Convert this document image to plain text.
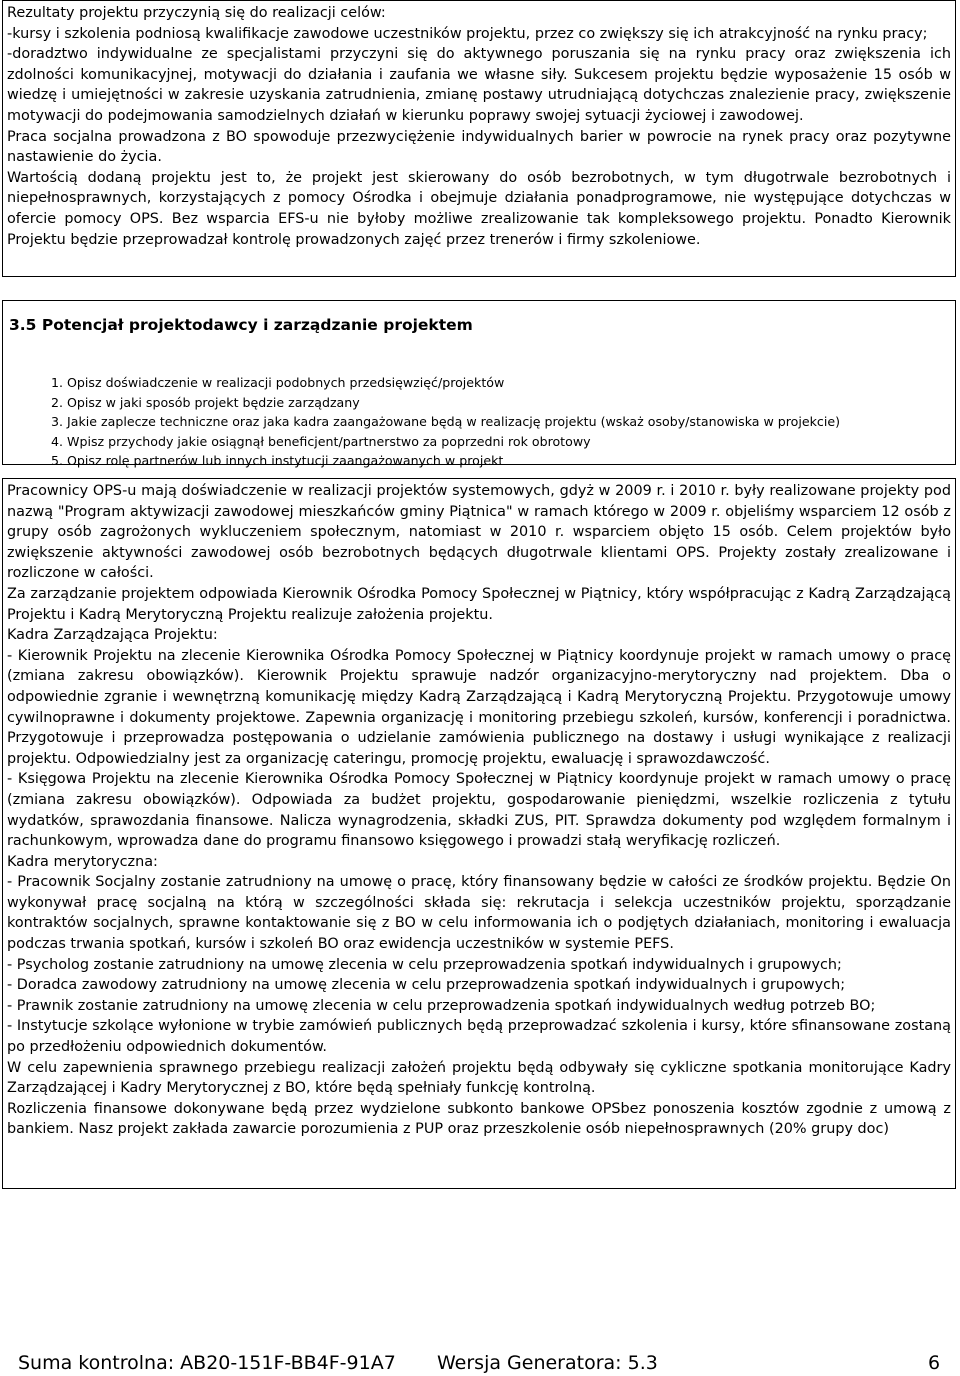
Rezultaty projektu przyczynią się do realizacji celów:

-kursy i szkolenia podniosą kwalifikacje zawodowe uczestników projektu, przez co zwiększy się ich atrakcyjność na rynku pracy;

-doradztwo indywidualne ze specjalistami przyczyni się do aktywnego poruszania się na rynku pracy oraz zwiększenia ich zdolności komunikacyjnej, motywacji do działania i zaufania we własne siły. Sukcesem projektu będzie wyposażenie 15 osób w wiedzę i umiejętności w zakresie uzyskania zatrudnienia, zmianę postawy utrudniającą dotychczas znalezienie pracy, zwiększenie motywacji do podejmowania samodzielnych działań w kierunku poprawy swojej sytuacji życiowej i zawodowej.

Praca socjalna prowadzona z BO spowoduje przezwyciężenie indywidualnych barier w powrocie na rynek pracy oraz pozytywne nastawienie do życia.

Wartością dodaną projektu jest to, że projekt jest skierowany do osób bezrobotnych, w tym długotrwale bezrobotnych i niepełnosprawnych, korzystających z pomocy Ośrodka i obejmuje działania ponadprogramowe, nie występujące dotychczas w ofercie pomocy OPS. Bez wsparcia EFS-u nie byłoby możliwe zrealizowanie tak kompleksowego projektu. Ponadto Kierownik Projektu będzie przeprowadzał kontrolę prowadzonych zajęć przez trenerów i firmy szkoleniowe.

3.5 Potencjał projektodawcy i zarządzanie projektem
1. Opisz doświadczenie w realizacji podobnych przedsięwzięć/projektów
2. Opisz w jaki sposób projekt będzie zarządzany
3. Jakie zaplecze techniczne oraz jaka kadra zaangażowane będą w realizację projektu (wskaż osoby/stanowiska w projekcie)
4. Wpisz przychody jakie osiągnął beneficjent/partnerstwo za poprzedni rok obrotowy
5. Opisz rolę partnerów lub innych instytucji zaangażowanych w projekt

Pracownicy OPS-u mają doświadczenie w realizacji projektów systemowych, gdyż w 2009 r. i 2010 r. były realizowane projekty pod nazwą "Program aktywizacji zawodowej mieszkańców gminy Piątnica" w ramach którego w 2009 r. objeliśmy wsparciem 12 osób z grupy osób zagrożonych wykluczeniem społecznym, natomiast w 2010 r. wsparciem objęto 15 osób. Celem projektów było zwiększenie aktywności zawodowej osób bezrobotnych będących długotrwale klientami OPS. Projekty zostały zrealizowane i rozliczone w całości.

Za zarządzanie projektem odpowiada Kierownik Ośrodka Pomocy Społecznej w Piątnicy, który współpracując z Kadrą Zarządzającą Projektu i Kadrą Merytoryczną Projektu realizuje założenia projektu.

Kadra Zarządzająca Projektu:

- Kierownik Projektu na zlecenie Kierownika Ośrodka Pomocy Społecznej w Piątnicy koordynuje projekt w ramach umowy o pracę (zmiana zakresu obowiązków). Kierownik Projektu sprawuje nadzór organizacyjno-merytoryczny nad projektem. Dba o odpowiednie zgranie i wewnętrzną komunikację między Kadrą Zarządzającą i Kadrą Merytoryczną Projektu. Przygotowuje umowy cywilnoprawne i dokumenty projektowe. Zapewnia organizację i monitoring przebiegu szkoleń, kursów, konferencji i poradnictwa. Przygotowuje i przeprowadza postępowania o udzielanie zamówienia publicznego na dostawy i usługi wynikające z realizacji projektu. Odpowiedzialny jest za organizację cateringu, promocję projektu, ewaluację i sprawozdawczość.

- Księgowa Projektu na zlecenie Kierownika Ośrodka Pomocy Społecznej w Piątnicy koordynuje projekt w ramach umowy o pracę (zmiana zakresu obowiązków). Odpowiada za budżet projektu, gospodarowanie pieniędzmi, wszelkie rozliczenia z tytułu wydatków, sprawozdania finansowe. Nalicza wynagrodzenia, składki ZUS, PIT. Sprawdza dokumenty pod względem formalnym i rachunkowym, wprowadza dane do programu finansowo księgowego i prowadzi stałą weryfikację rozliczeń.

Kadra merytoryczna:

- Pracownik Socjalny zostanie zatrudniony na umowę o pracę, który finansowany będzie w całości ze środków projektu. Będzie On wykonywał pracę socjalną na którą w szczególności składa się: rekrutacja i selekcja uczestników projektu, sporządzanie kontraktów socjalnych, sprawne kontaktowanie się z BO w celu informowania ich o podjętych działaniach, monitoring i ewaluacja podczas trwania spotkań, kursów i szkoleń BO oraz ewidencja uczestników w systemie PEFS.

- Psycholog zostanie zatrudniony na umowę zlecenia w celu przeprowadzenia spotkań indywidualnych i grupowych;

- Doradca zawodowy zatrudniony na umowę zlecenia w celu przeprowadzenia spotkań indywidualnych i grupowych;

- Prawnik zostanie zatrudniony na umowę zlecenia w celu przeprowadzenia spotkań indywidualnych według potrzeb BO;

- Instytucje szkolące wyłonione w trybie zamówień publicznych będą przeprowadzać szkolenia i kursy, które sfinansowane zostaną po przedłożeniu odpowiednich dokumentów.

W celu zapewnienia sprawnego przebiegu realizacji założeń projektu będą odbywały się cykliczne spotkania monitorujące Kadry Zarządzającej i Kadry Merytorycznej z BO, które będą spełniały funkcję kontrolną.

Rozliczenia finansowe dokonywane będą przez wydzielone subkonto bankowe OPSbez ponoszenia kosztów zgodnie z umową z bankiem. Nasz projekt zakłada zawarcie porozumienia z PUP oraz przeszkolenie osób niepełnosprawnych (20% grupy doc)

Suma kontrolna: AB20-151F-BB4F-91A7 Wersja Generatora: 5.3	6
